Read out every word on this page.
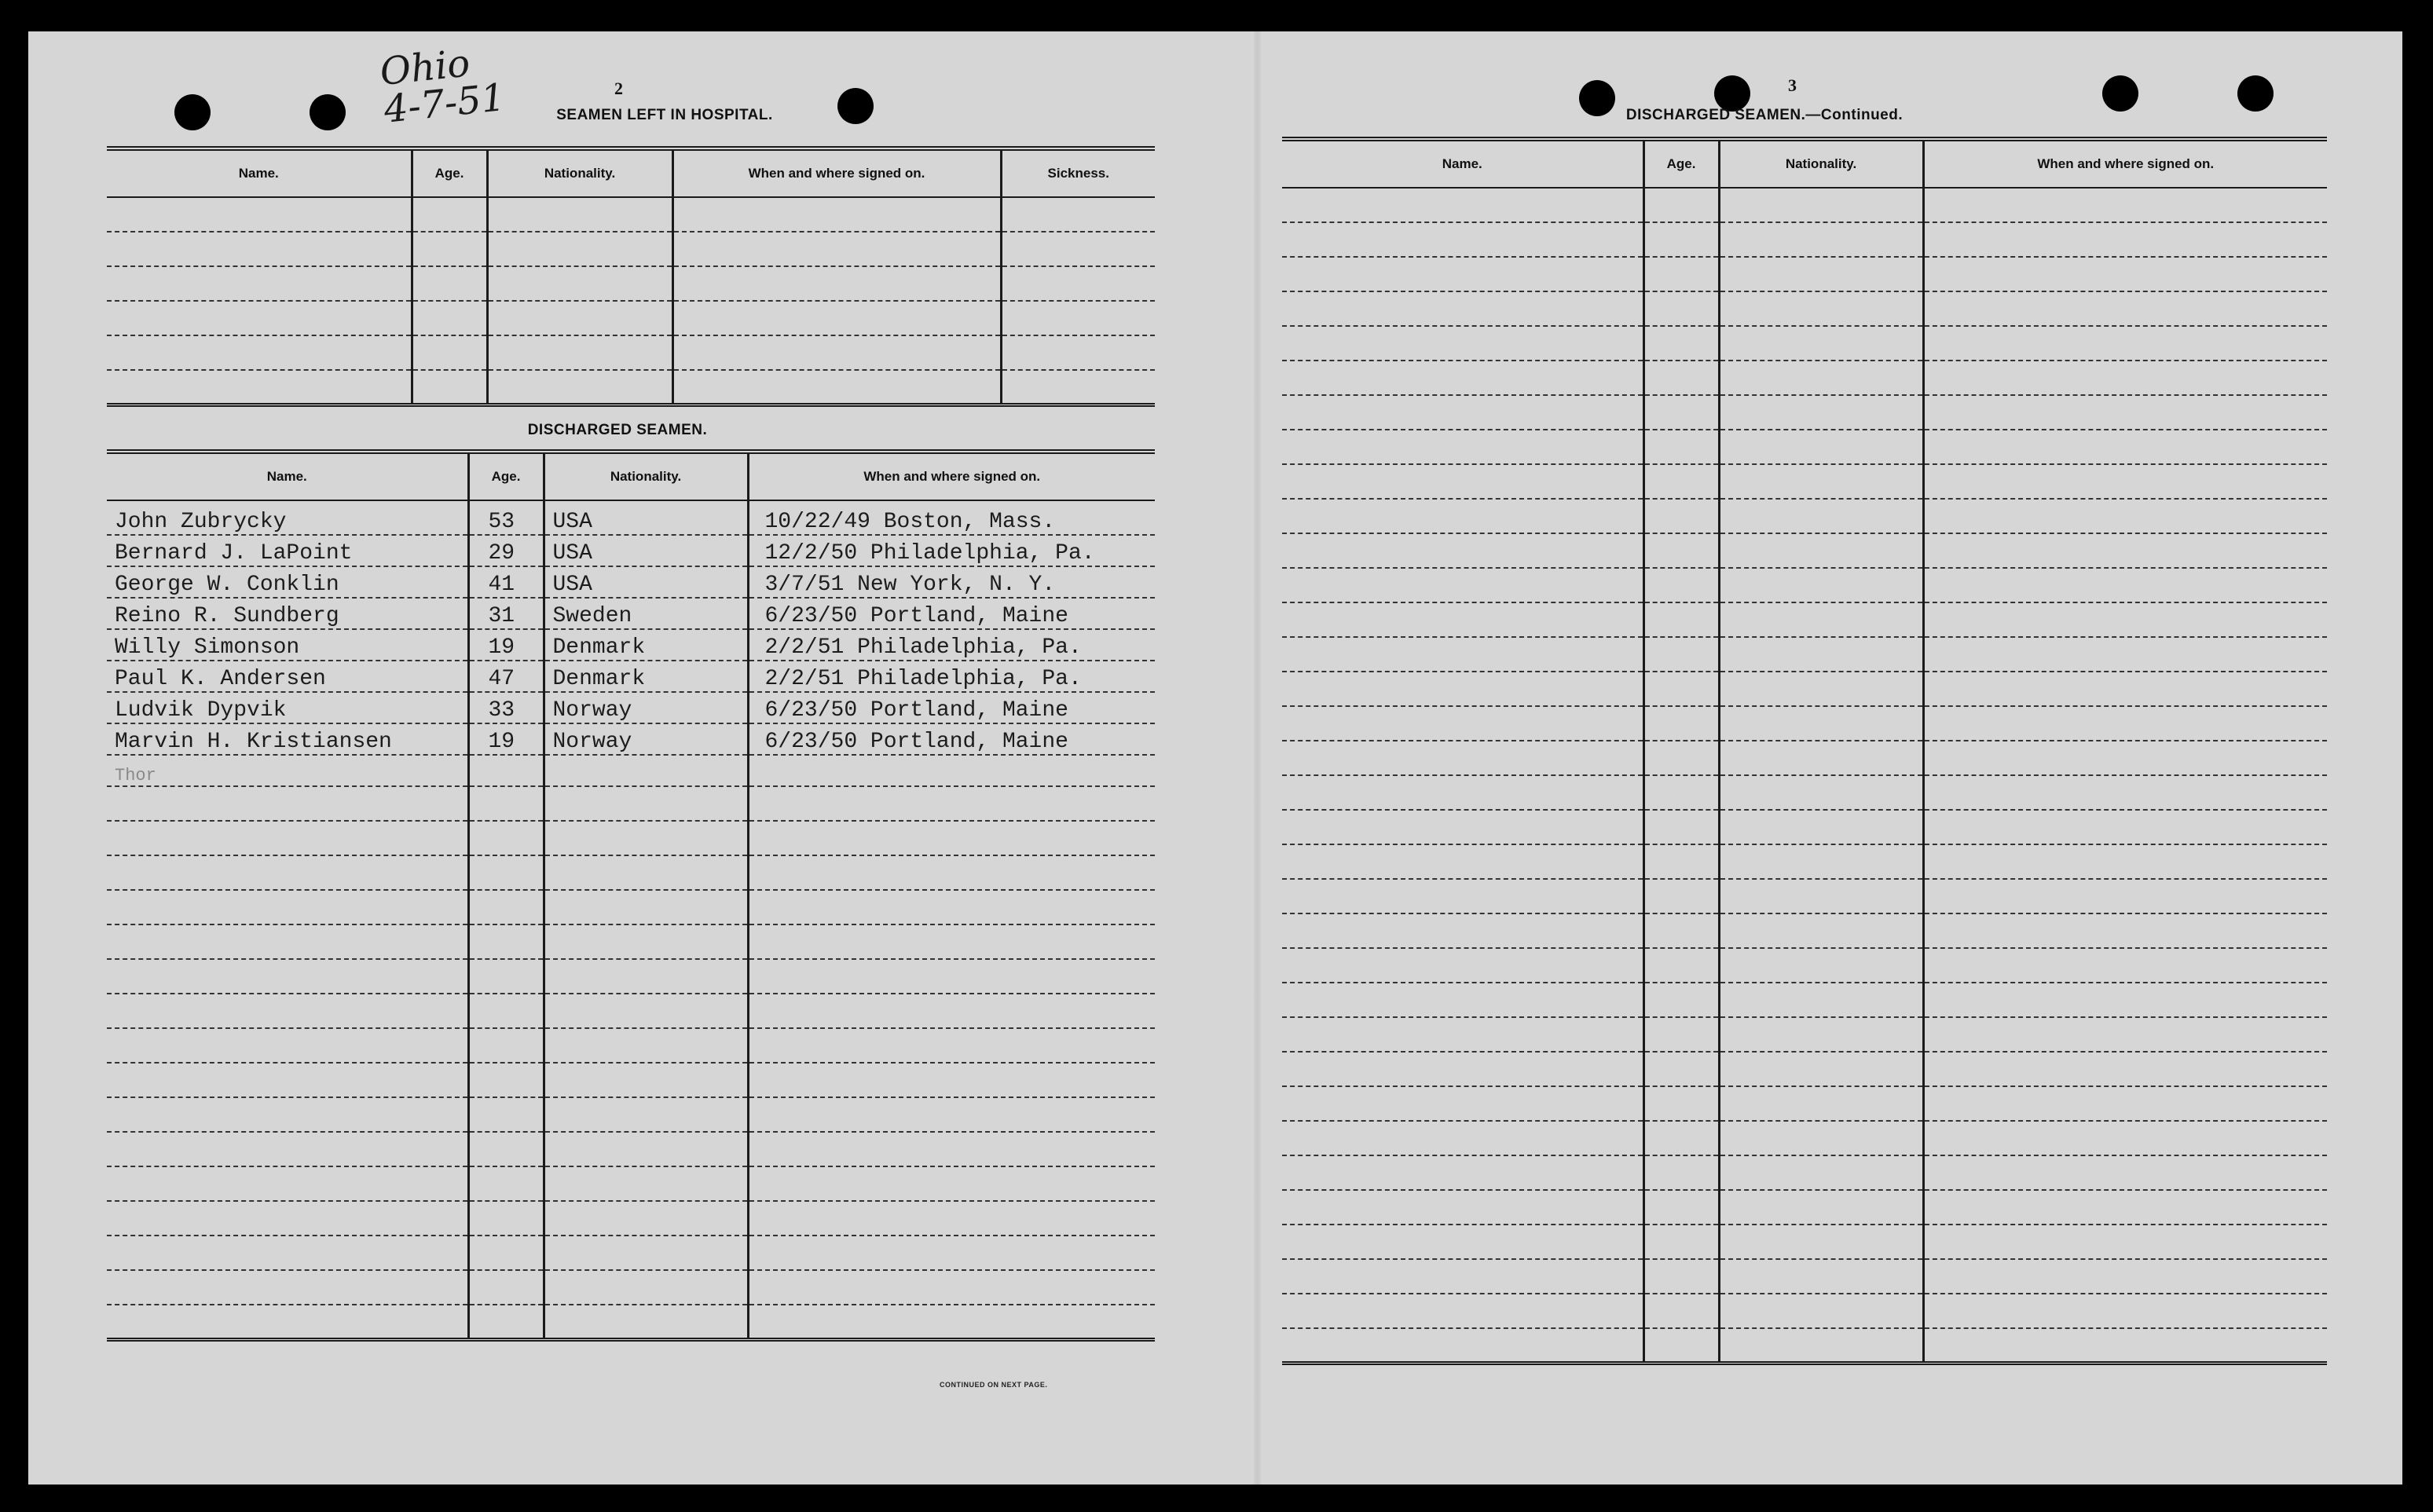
Ohio
4-7-51	2
SEAMEN LEFT IN HOSPITAL.
Name.	Age.	Nationality.	When and where signed on.	Sickness.

DISCHARGED SEAMEN.
Name.	Age.	Nationality.	When and where signed on.
John Zubrycky	53	USA	10/22/49 Boston, Mass.
Bernard J. LaPoint	29	USA	12/2/50 Philadelphia, Pa.
George W. Conklin	41	USA	3/7/51 New York, N. Y.
Reino R. Sundberg	31	Sweden	6/23/50 Portland, Maine
Willy Simonson	19	Denmark	2/2/51 Philadelphia, Pa.
Paul K. Andersen	47	Denmark	2/2/51 Philadelphia, Pa.
Ludvik Dypvik	33	Norway	6/23/50 Portland, Maine
Marvin H. Kristiansen	19	Norway	6/23/50 Portland, Maine
Thor			

CONTINUED ON NEXT PAGE.
3
DISCHARGED SEAMEN.—Continued.
Name.	Age.	Nationality.	When and where signed on.
